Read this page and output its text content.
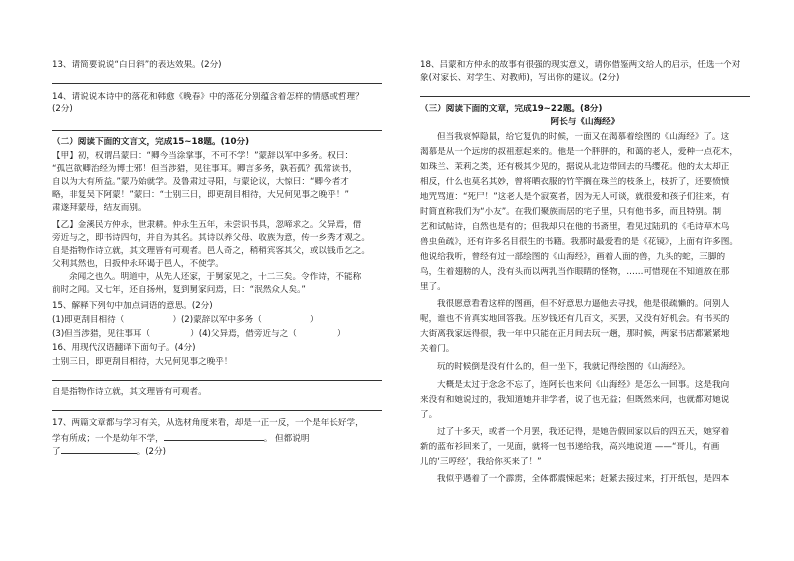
13、请简要说说“白日斜”的表达效果。(2分)
14、请说说本诗中的落花和韩愈《晚春》中的落花分别蕴含着怎样的情感或哲理？
(2分)
（二）阅读下面的文言文，完成15~18题。(10分)
【甲】初，权谓吕蒙曰：“卿今当涂掌事，不可不学！”蒙辞以军中多务。权曰：
“孤岂欲卿治经为博士邪！但当涉猎，见往事耳。卿言多务，孰若孤？孤常读书，
自以为大有所益。”蒙乃始就学。及鲁肃过寻阳，与蒙论议，大惊曰：“卿今者才
略，非复吴下阿蒙！”蒙曰：“士别三日，即更刮目相待，大兄何见事之晚乎！”
肃遂拜蒙母，结友而别。
【乙】金溪民方仲永，世隶耕。仲永生五年，未尝识书具，忽啼求之。父异焉，借
旁近与之，即书诗四句，并自为其名。其诗以养父母、收族为意，传一乡秀才观之。
自是指物作诗立就，其文理皆有可观者。邑人奇之，稍稍宾客其父，或以钱币乞之。
父利其然也，日扳仲永环谒于邑人，不使学。
余闻之也久。明道中，从先人还家，于舅家见之，十二三矣。令作诗，不能称
前时之闻。又七年，还自扬州，复到舅家问焉，曰：“泯然众人矣。”
15、解释下列句中加点词语的意思。(2分)
(1)即更刮目相待（	）(2)蒙辞以军中多务（	）
(3)但当涉猎，见往事耳（	）(4)父异焉，借旁近与之（	）
16、用现代汉语翻译下面句子。(4分)
士别三日，即更刮目相待，大兄何见事之晚乎！
自是指物作诗立就，其文理皆有可观者。
17、两篇文章都与学习有关，从选材角度来看，却是一正一反，一个是年长好学，
学有所成；一个是幼年不学，	。 但都说明
了	。(2分)
18、吕蒙和方仲永的故事有很强的现实意义，请你借鉴两文给人的启示，任选一个对
象(对家长、对学生、对教师)，写出你的建议。(2分)
（三）阅读下面的文章，完成19~22题。(8分)
阿长与《山海经》
但当我哀悼隐鼠，给它复仇的时候，一面又在渴慕着绘图的《山海经》了。这
渴慕是从一个远房的叔祖惹起来的。他是一个胖胖的，和蔼的老人，爱种一点花木，
如珠兰、茉莉之类，还有极其少见的，据说从北边带回去的马缨花。他的太太却正
相反，什么也莫名其妙，曾将晒衣服的竹竿搁在珠兰的枝条上，枝折了，还要愤愤
地咒骂道：“死尸！”这老人是个寂寞者，因为无人可谈，就很爱和孩子们往来，有
时简直称我们为“小友”。在我们聚族而居的宅子里，只有他书多，而且特别。制
艺和试帖诗，自然也是有的；但我却只在他的书斋里，看见过陆玑的《毛诗草木鸟
兽虫鱼疏》，还有许多名目很生的书籍。我那时最爱看的是《花镜》，上面有许多图。
他说给我听，曾经有过一部绘图的《山海经》，画着人面的兽，九头的蛇，三脚的
鸟，生着翅膀的人，没有头而以两乳当作眼睛的怪物，……可惜现在不知道放在那
里了。
我很愿意看看这样的图画，但不好意思力逼他去寻找，他是很疏懒的。问别人
呢，谁也不肯真实地回答我。压岁钱还有几百文，买罢，又没有好机会。有书买的
大街离我家远得很，我一年中只能在正月间去玩一趟，那时候，两家书店都紧紧地
关着门。
玩的时候倒是没有什么的，但一坐下，我就记得绘图的《山海经》。
大概是太过于念念不忘了，连阿长也来问《山海经》是怎么一回事。这是我向
来没有和她说过的，我知道她并非学者，说了也无益；但既然来问，也就都对她说
了。
过了十多天，或者一个月罢，我还记得，是她告假回家以后的四五天，她穿着
新的蓝布衫回来了，一见面，就将一包书递给我，高兴地说道 ——“哥儿，有画
儿的‘三哼经’，我给你买来了！”
我似乎遇着了一个霹雳，全体都震悚起来；赶紧去接过来，打开纸包，是四本
